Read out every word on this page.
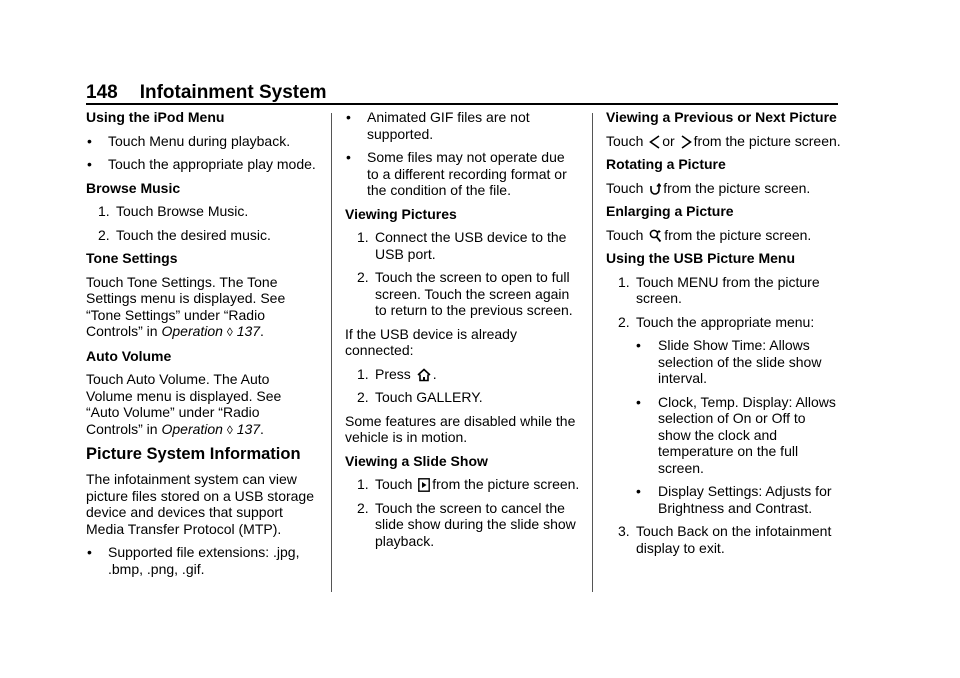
148 Infotainment System

Using the iPod Menu

• Touch Menu during playback.
• Touch the appropriate play mode.

Browse Music

1. Touch Browse Music.
2. Touch the desired music.

Tone Settings

Touch Tone Settings. The Tone Settings menu is displayed. See “Tone Settings” under “Radio Controls” in Operation ◊ 137.

Auto Volume

Touch Auto Volume. The Auto Volume menu is displayed. See “Auto Volume” under “Radio Controls” in Operation ◊ 137.

Picture System Information

The infotainment system can view picture files stored on a USB storage device and devices that support Media Transfer Protocol (MTP).

• Supported file extensions: .jpg, .bmp, .png, .gif.
• Animated GIF files are not supported.
• Some files may not operate due to a different recording format or the condition of the file.

Viewing Pictures

1. Connect the USB device to the USB port.
2. Touch the screen to open to full screen. Touch the screen again to return to the previous screen.

If the USB device is already connected:

1. Press .
2. Touch GALLERY.

Some features are disabled while the vehicle is in motion.

Viewing a Slide Show

1. Touch from the picture screen.
2. Touch the screen to cancel the slide show during the slide show playback.

Viewing a Previous or Next Picture

Touch or from the picture screen.

Rotating a Picture

Touch from the picture screen.

Enlarging a Picture

Touch from the picture screen.

Using the USB Picture Menu

1. Touch MENU from the picture screen.
2. Touch the appropriate menu:
• Slide Show Time: Allows selection of the slide show interval.
• Clock, Temp. Display: Allows selection of On or Off to show the clock and temperature on the full screen.
• Display Settings: Adjusts for Brightness and Contrast.
3. Touch Back on the infotainment display to exit.
